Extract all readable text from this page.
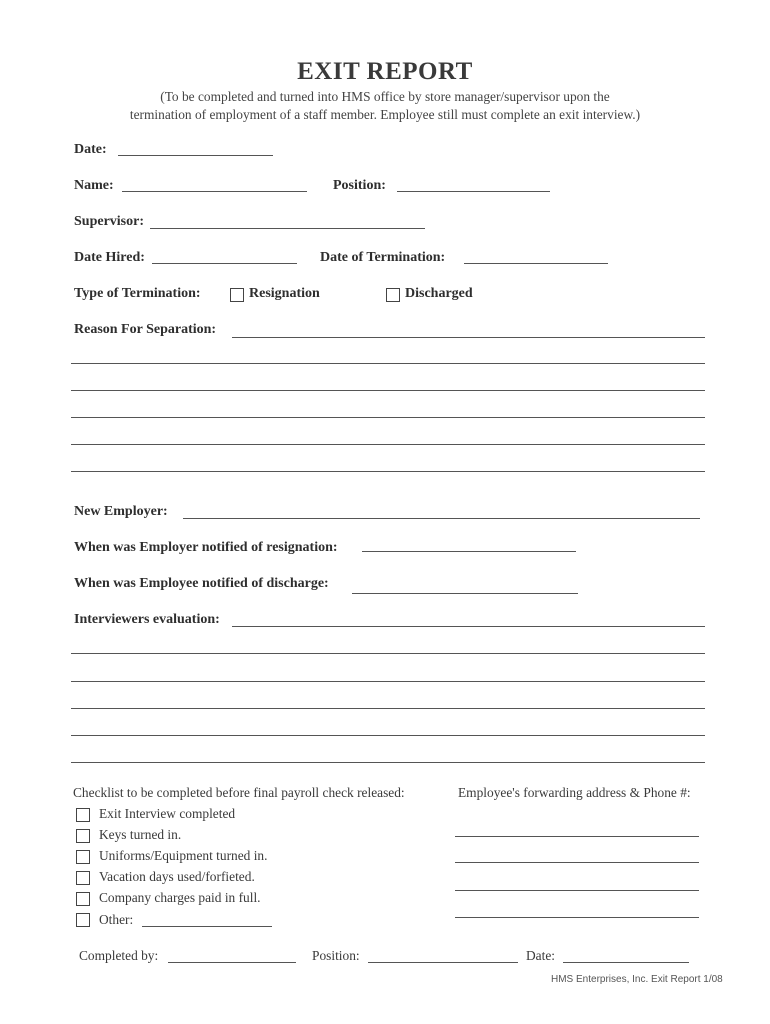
EXIT REPORT
(To be completed and turned into HMS office by store manager/supervisor upon the
termination of employment of a staff member. Employee still must complete an exit interview.)
Date:
Name:	Position:
Supervisor:
Date Hired:	Date of Termination:
Type of Termination:	Resignation	Discharged
Reason For Separation:
New Employer:
When was Employer notified of resignation:
When was Employee notified of discharge:
Interviewers evaluation:
Checklist to be completed before final payroll check released:
Exit Interview completed
Keys turned in.
Uniforms/Equipment turned in.
Vacation days used/forfieted.
Company charges paid in full.
Other:
Employee's forwarding address & Phone #:
Completed by:	Position:	Date:
HMS Enterprises, Inc. Exit Report 1/08
